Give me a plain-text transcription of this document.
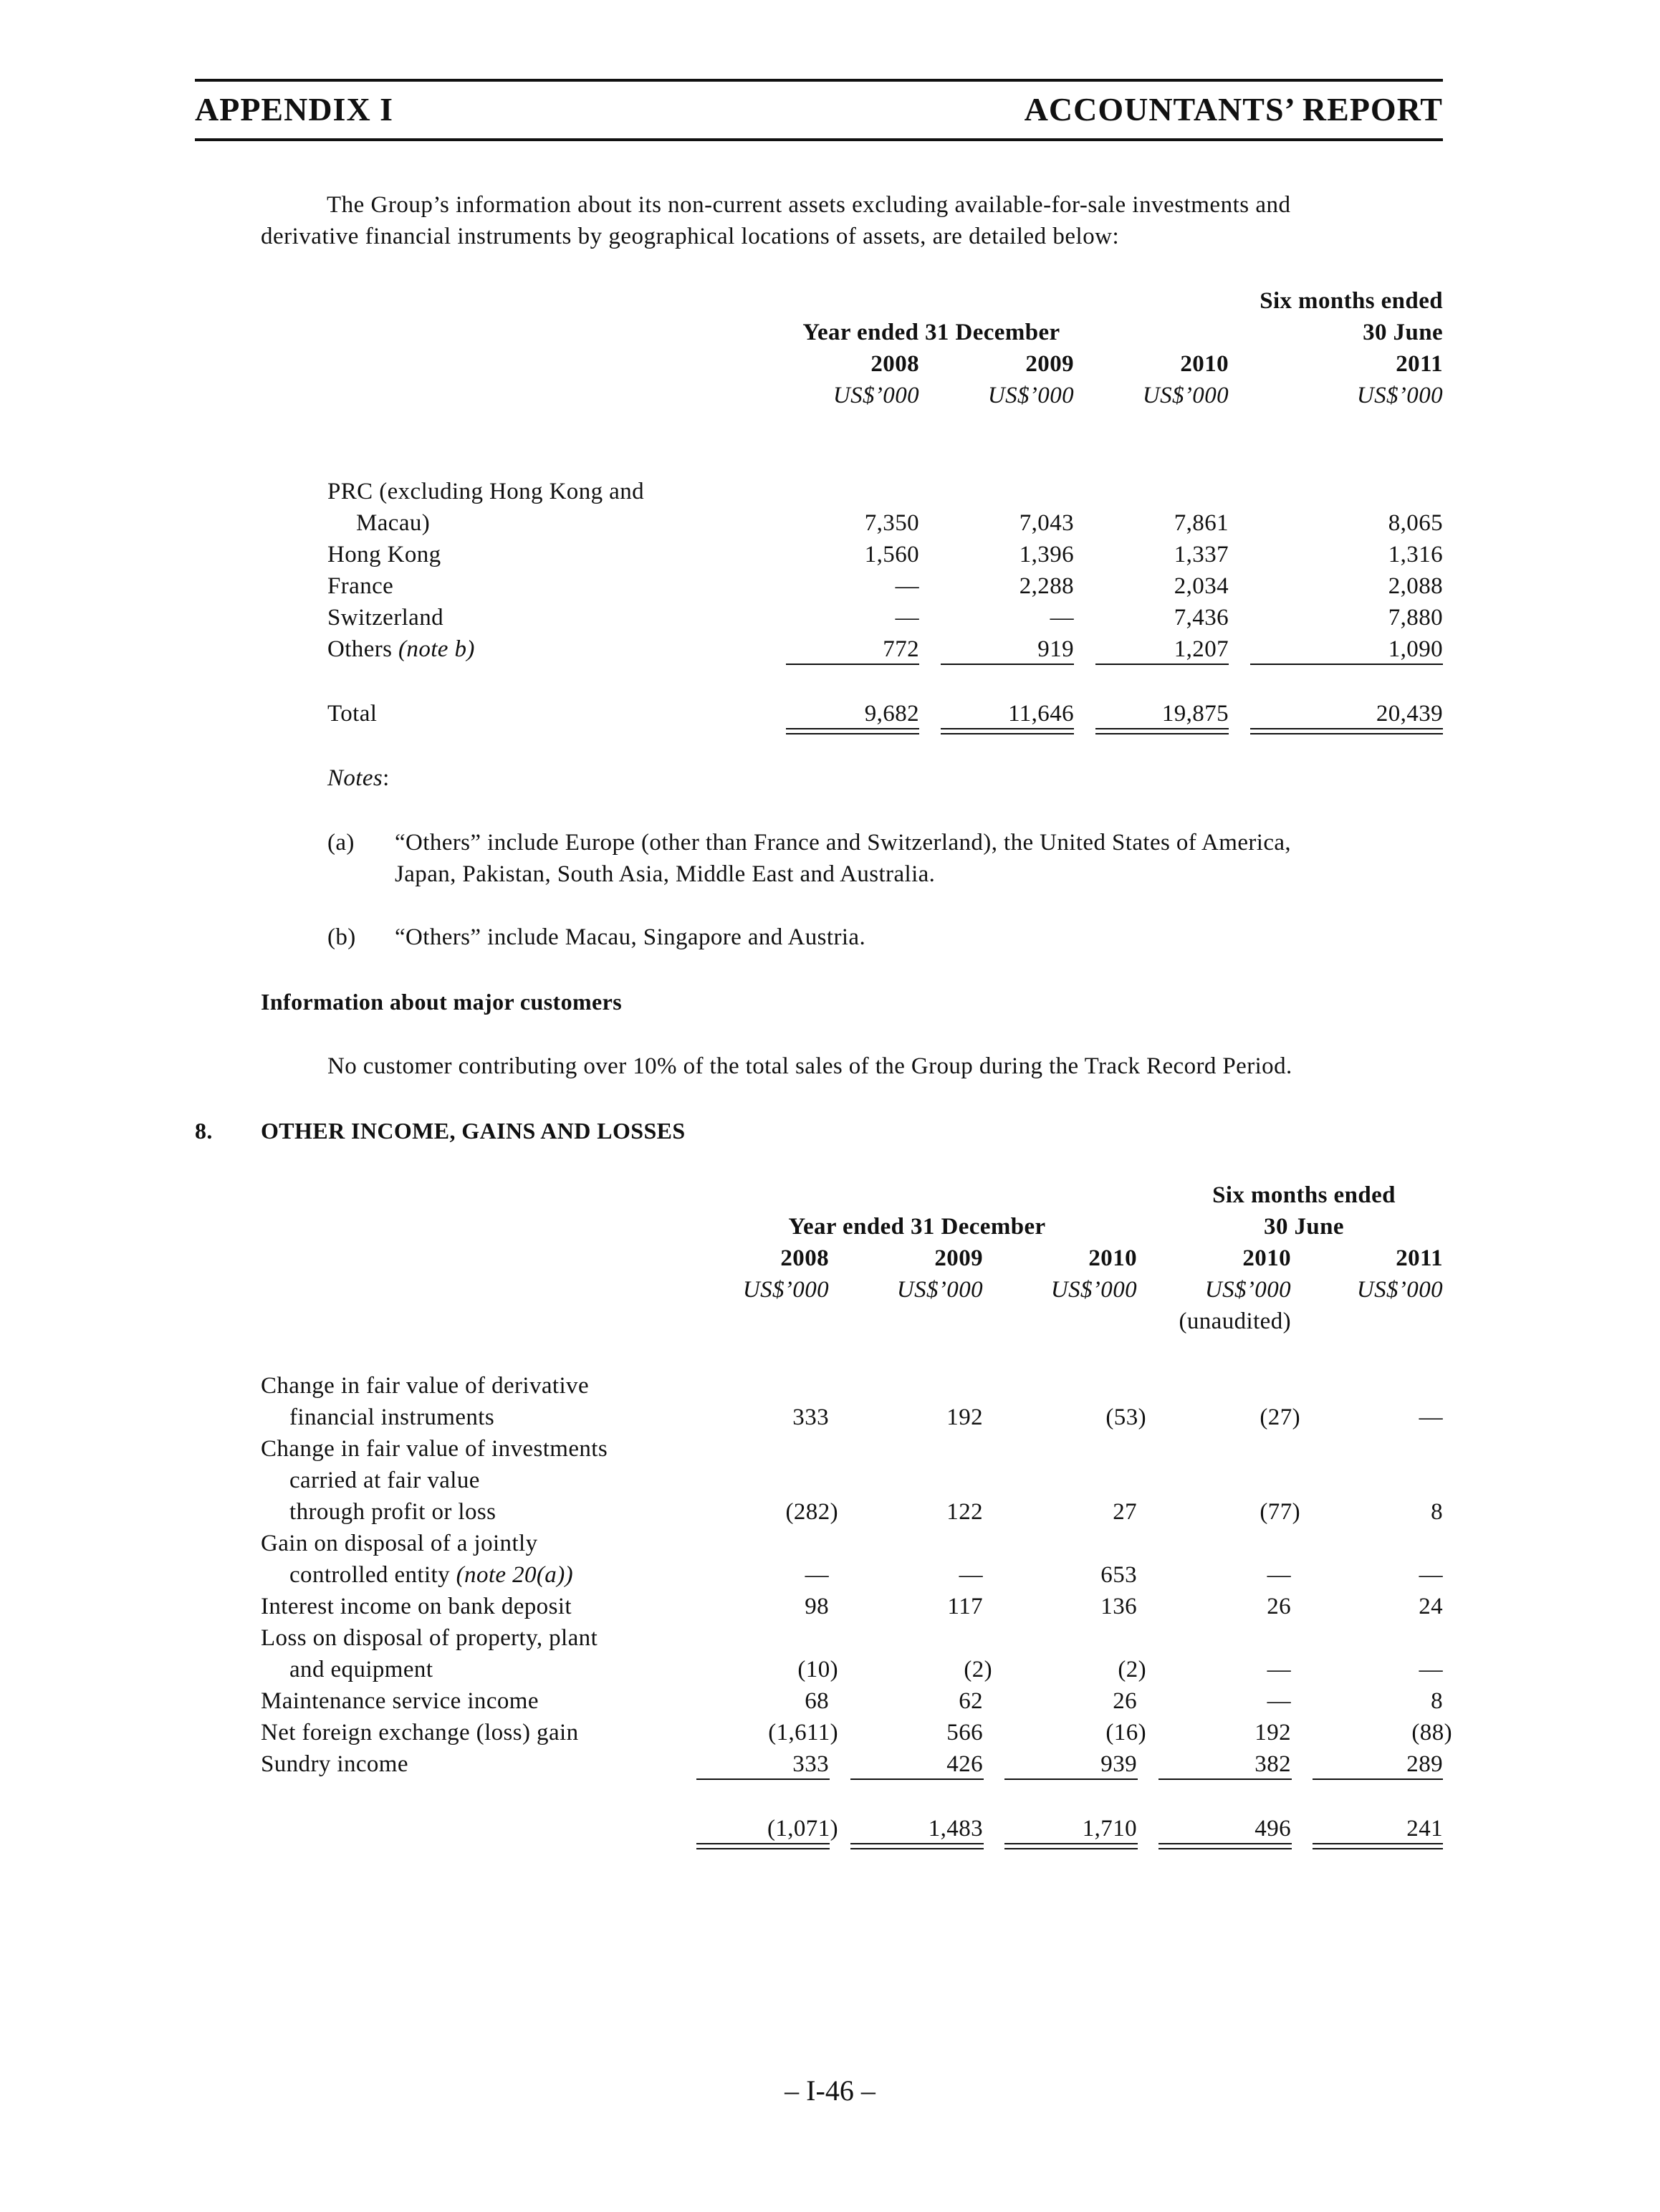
APPENDIX I	ACCOUNTANTS’ REPORT
The Group’s information about its non-current assets excluding available-for-sale investments and
derivative financial instruments by geographical locations of assets, are detailed below:
Six months ended
Year ended 31 December	30 June
2008	2009	2010	2011
US$’000	US$’000	US$’000	US$’000
PRC (excluding Hong Kong and
Macau)	7,350	7,043	7,861	8,065
Hong Kong	1,560	1,396	1,337	1,316
France	—	2,288	2,034	2,088
Switzerland	—	—	7,436	7,880
Others (note b)	772	919	1,207	1,090
Total	9,682	11,646	19,875	20,439
Notes:
(a) “Others” include Europe (other than France and Switzerland), the United States of America,
Japan, Pakistan, South Asia, Middle East and Australia.
(b) “Others” include Macau, Singapore and Austria.
Information about major customers
No customer contributing over 10% of the total sales of the Group during the Track Record Period.
8. OTHER INCOME, GAINS AND LOSSES
Six months ended
Year ended 31 December	30 June
2008	2009	2010	2010	2011
US$’000	US$’000	US$’000	US$’000	US$’000
(unaudited)
Change in fair value of derivative
financial instruments	333	192	(53)	(27)	—
Change in fair value of investments
carried at fair value
through profit or loss	(282)	122	27	(77)	8
Gain on disposal of a jointly
controlled entity (note 20(a))	—	—	653	—	—
Interest income on bank deposit	98	117	136	26	24
Loss on disposal of property, plant
and equipment	(10)	(2)	(2)	—	—
Maintenance service income	68	62	26	—	8
Net foreign exchange (loss) gain	(1,611)	566	(16)	192	(88)
Sundry income	333	426	939	382	289
(1,071)	1,483	1,710	496	241
– I-46 –
